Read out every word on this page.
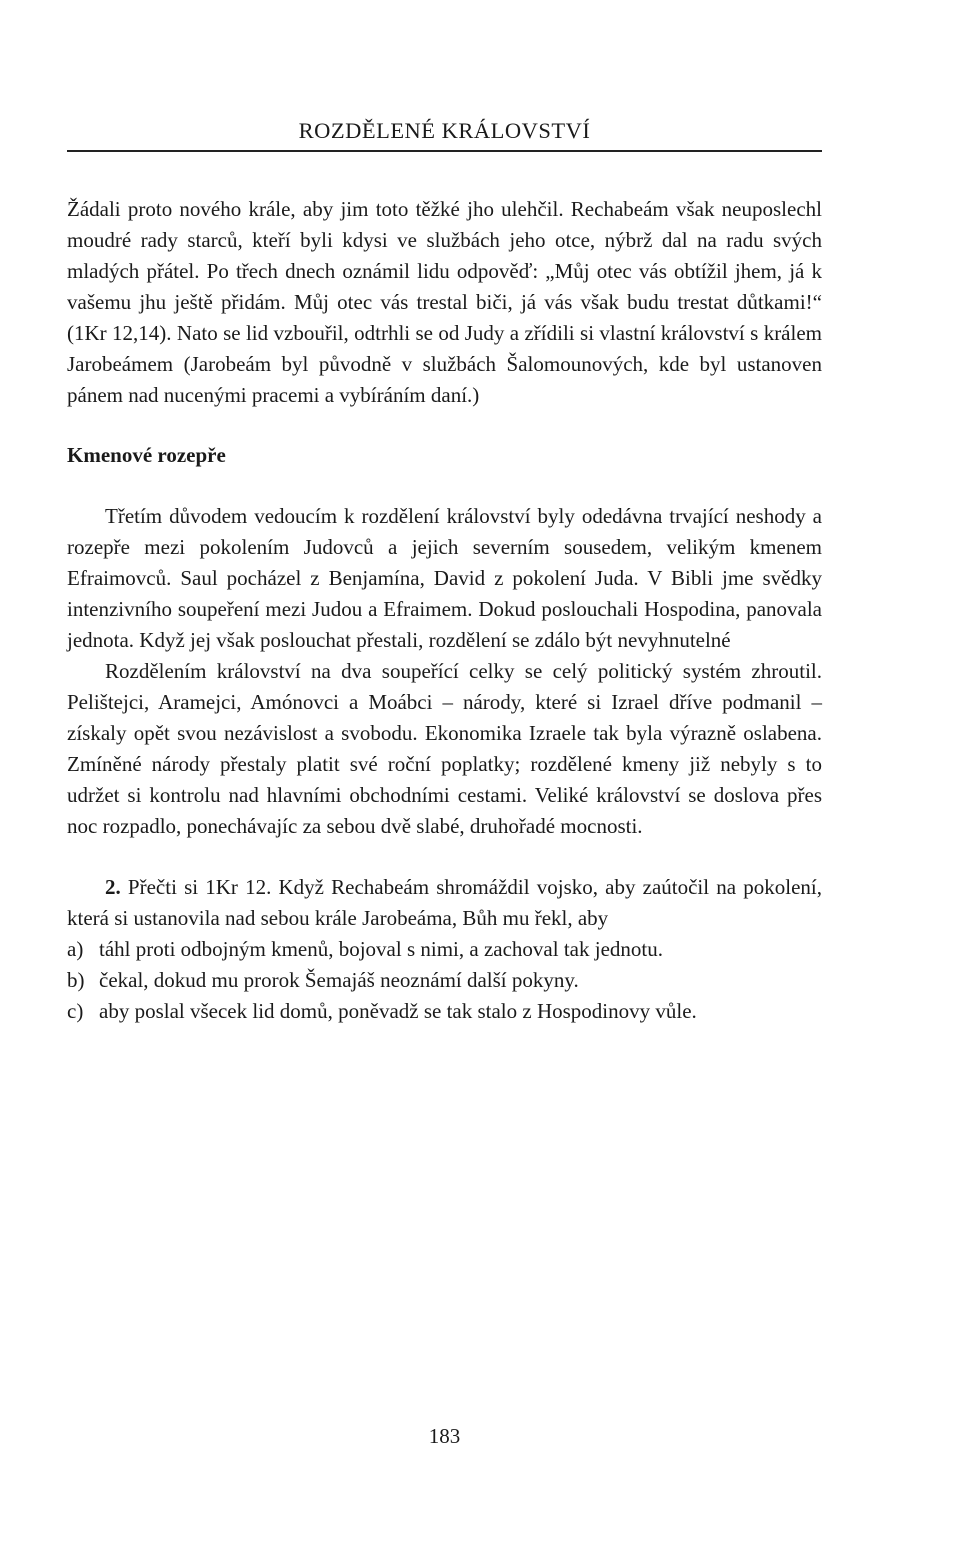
ROZDĚLENÉ KRÁLOVSTVÍ

Žádali proto nového krále, aby jim toto těžké jho ulehčil. Rechabeám však neuposlechl moudré rady starců, kteří byli kdysi ve službách jeho otce, nýbrž dal na radu svých mladých přátel. Po třech dnech oznámil lidu odpověď: „Můj otec vás obtížil jhem, já k vašemu jhu ještě přidám. Můj otec vás trestal biči, já vás však budu trestat důtkami!“ (1Kr 12,14). Nato se lid vzbouřil, odtrhli se od Judy a zřídili si vlastní království s králem Jarobeámem (Jarobeám byl původně v službách Šalomounových, kde byl ustanoven pánem nad nucenými pracemi a vybíráním daní.)

Kmenové rozepře

Třetím důvodem vedoucím k rozdělení království byly odedávna trvající neshody a rozepře mezi pokolením Judovců a jejich severním sousedem, velikým kmenem Efraimovců. Saul pocházel z Benjamína, David z pokolení Juda. V Bibli jme svědky intenzivního soupeření mezi Judou a Efraimem. Dokud poslouchali Hospodina, panovala jednota. Když jej však poslouchat přestali, rozdělení se zdálo být nevyhnutelné

Rozdělením království na dva soupeřící celky se celý politický systém zhroutil. Pelištejci, Aramejci, Amónovci a Moábci – národy, které si Izrael dříve podmanil – získaly opět svou nezávislost a svobodu. Ekonomika Izraele tak byla výrazně oslabena. Zmíněné národy přestaly platit své roční poplatky; rozdělené kmeny již nebyly s to udržet si kontrolu nad hlavními obchodními cestami. Veliké království se doslova přes noc rozpadlo, ponechávajíc za sebou dvě slabé, druhořadé mocnosti.

2. Přečti si 1Kr 12. Když Rechabeám shromáždil vojsko, aby zaútočil na pokolení, která si ustanovila nad sebou krále Jarobeáma, Bůh mu řekl, aby

a) táhl proti odbojným kmenů, bojoval s nimi, a zachoval tak jednotu.
b) čekal, dokud mu prorok Šemajáš neoznámí další pokyny.
c) aby poslal všecek lid domů, poněvadž se tak stalo z Hospodinovy vůle.
183
